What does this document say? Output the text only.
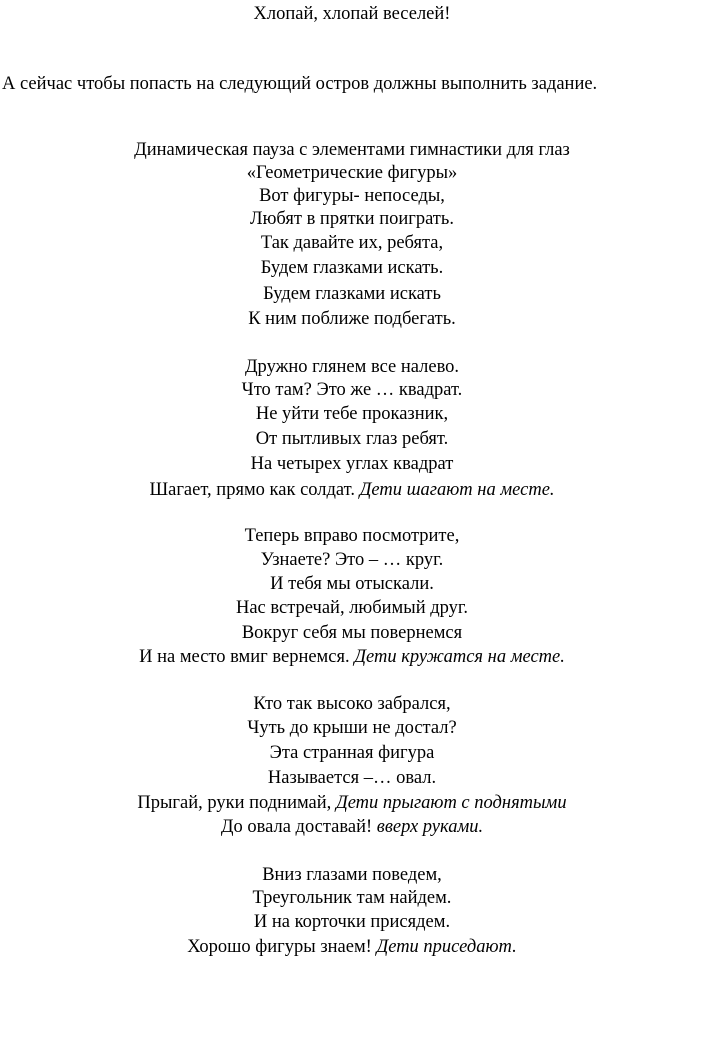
Хлопай, хлопай веселей!
А сейчас чтобы попасть на следующий остров должны выполнить задание.
Динамическая пауза с элементами гимнастики для глаз
«Геометрические фигуры»
Вот фигуры- непоседы,
Любят в прятки поиграть.
Так давайте их, ребята,
Будем глазками искать.
Будем глазками искать
К ним поближе подбегать.
Дружно глянем все налево.
Что там? Это же … квадрат.
Не уйти тебе проказник,
От пытливых глаз ребят.
На четырех углах квадрат
Шагает, прямо как солдат. Дети шагают на месте.
Теперь вправо посмотрите,
Узнаете? Это – … круг.
И тебя мы отыскали.
Нас встречай, любимый друг.
Вокруг себя мы повернемся
И на место вмиг вернемся. Дети кружатся на месте.
Кто так высоко забрался,
Чуть до крыши не достал?
Эта странная фигура
Называется –… овал.
Прыгай, руки поднимай, Дети прыгают с поднятыми
До овала доставай! вверх руками.
Вниз глазами поведем,
Треугольник там найдем.
И на корточки присядем.
Хорошо фигуры знаем! Дети приседают.
